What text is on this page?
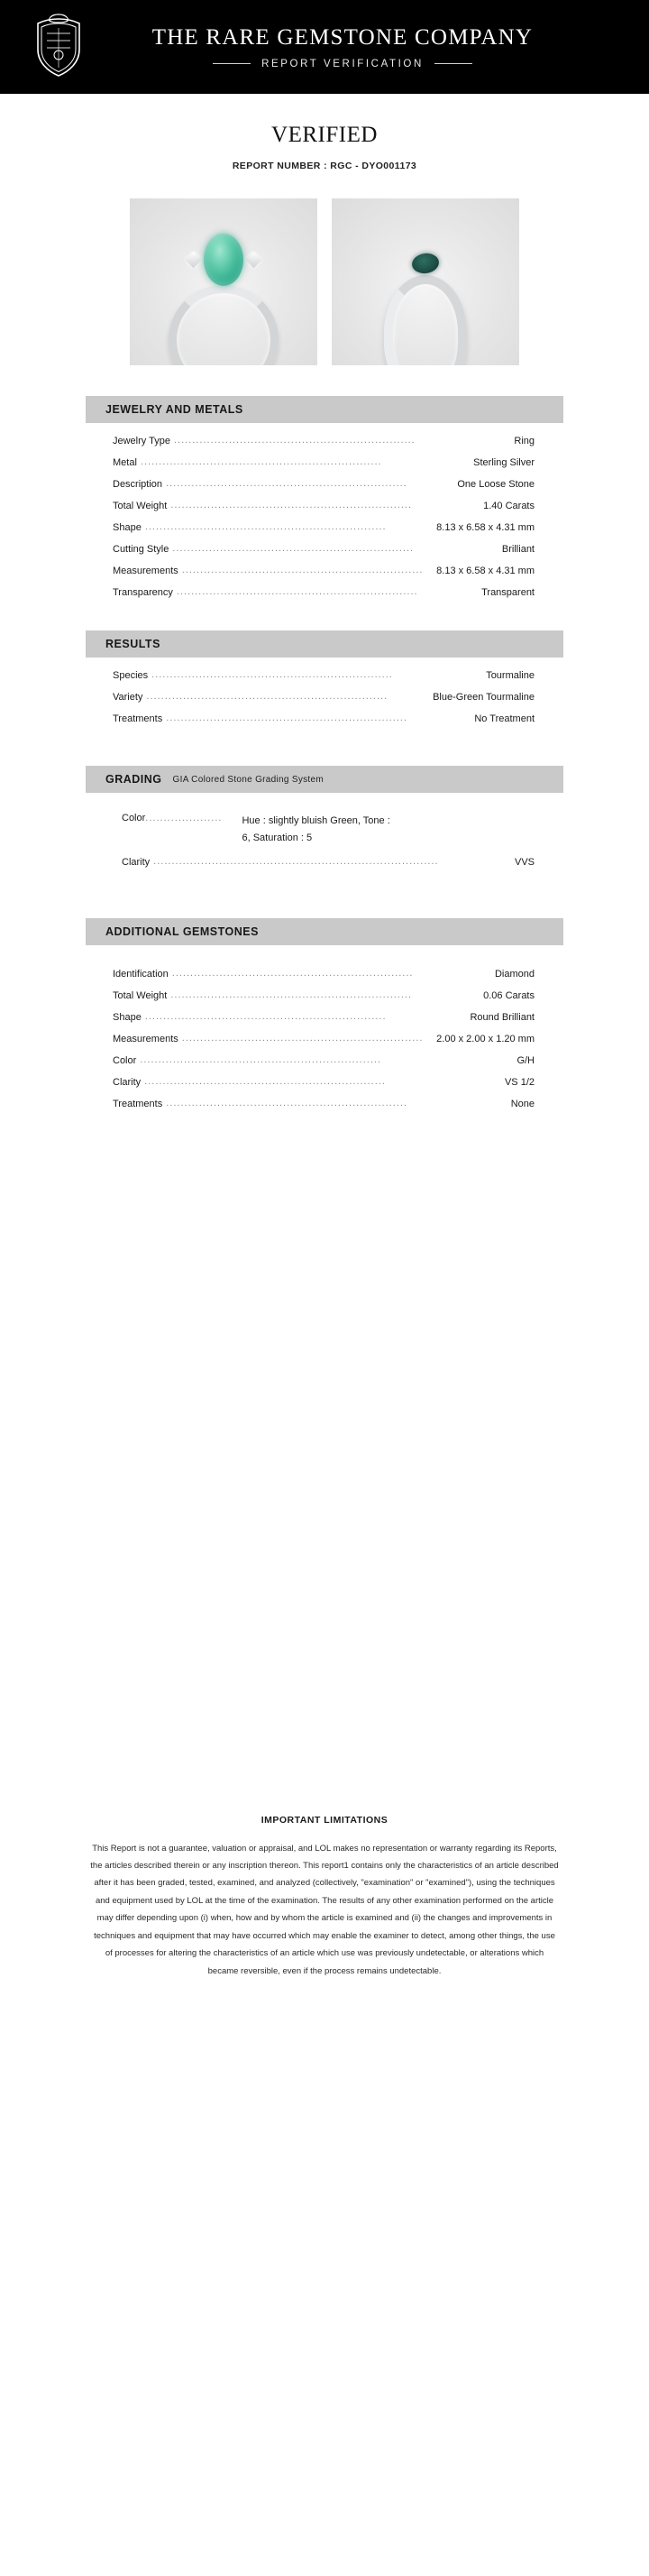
THE RARE GEMSTONE COMPANY
REPORT VERIFICATION
VERIFIED
REPORT NUMBER : RGC - DYO001173
JEWELRY AND METALS
Jewelry Type ..................................................................	Ring
Metal ..................................................................	Sterling Silver
Description ..................................................................	One Loose Stone
Total Weight ..................................................................	1.40 Carats
Shape ..................................................................	8.13 x 6.58 x 4.31 mm
Cutting Style ..................................................................	Brilliant
Measurements ..................................................................	8.13 x 6.58 x 4.31 mm
Transparency ..................................................................	Transparent
RESULTS
Species ..................................................................	Tourmaline
Variety ..................................................................	Blue-Green Tourmaline
Treatments ..................................................................	No Treatment
GRADING GIA Colored Stone Grading System
Color ..................... Hue : slightly bluish Green, Tone :
6, Saturation : 5
Clarity ..............................................................................	VVS
ADDITIONAL GEMSTONES
Identification ..................................................................	Diamond
Total Weight ..................................................................	0.06 Carats
Shape ..................................................................	Round Brilliant
Measurements ..................................................................	2.00 x 2.00 x 1.20 mm
Color ..................................................................	G/H
Clarity ..................................................................	VS 1/2
Treatments ..................................................................	None
IMPORTANT LIMITATIONS

This Report is not a guarantee, valuation or appraisal, and LOL makes no representation or warranty regarding its Reports, the articles described therein or any inscription thereon. This report1 contains only the characteristics of an article described after it has been graded, tested, examined, and analyzed (collectively, "examination" or "examined"), using the techniques and equipment used by LOL at the time of the examination. The results of any other examination performed on the article may differ depending upon (i) when, how and by whom the article is examined and (ii) the changes and improvements in techniques and equipment that may have occurred which may enable the examiner to detect, among other things, the use of processes for altering the characteristics of an article which use was previously undetectable, or alterations which became reversible, even if the process remains undetectable.
